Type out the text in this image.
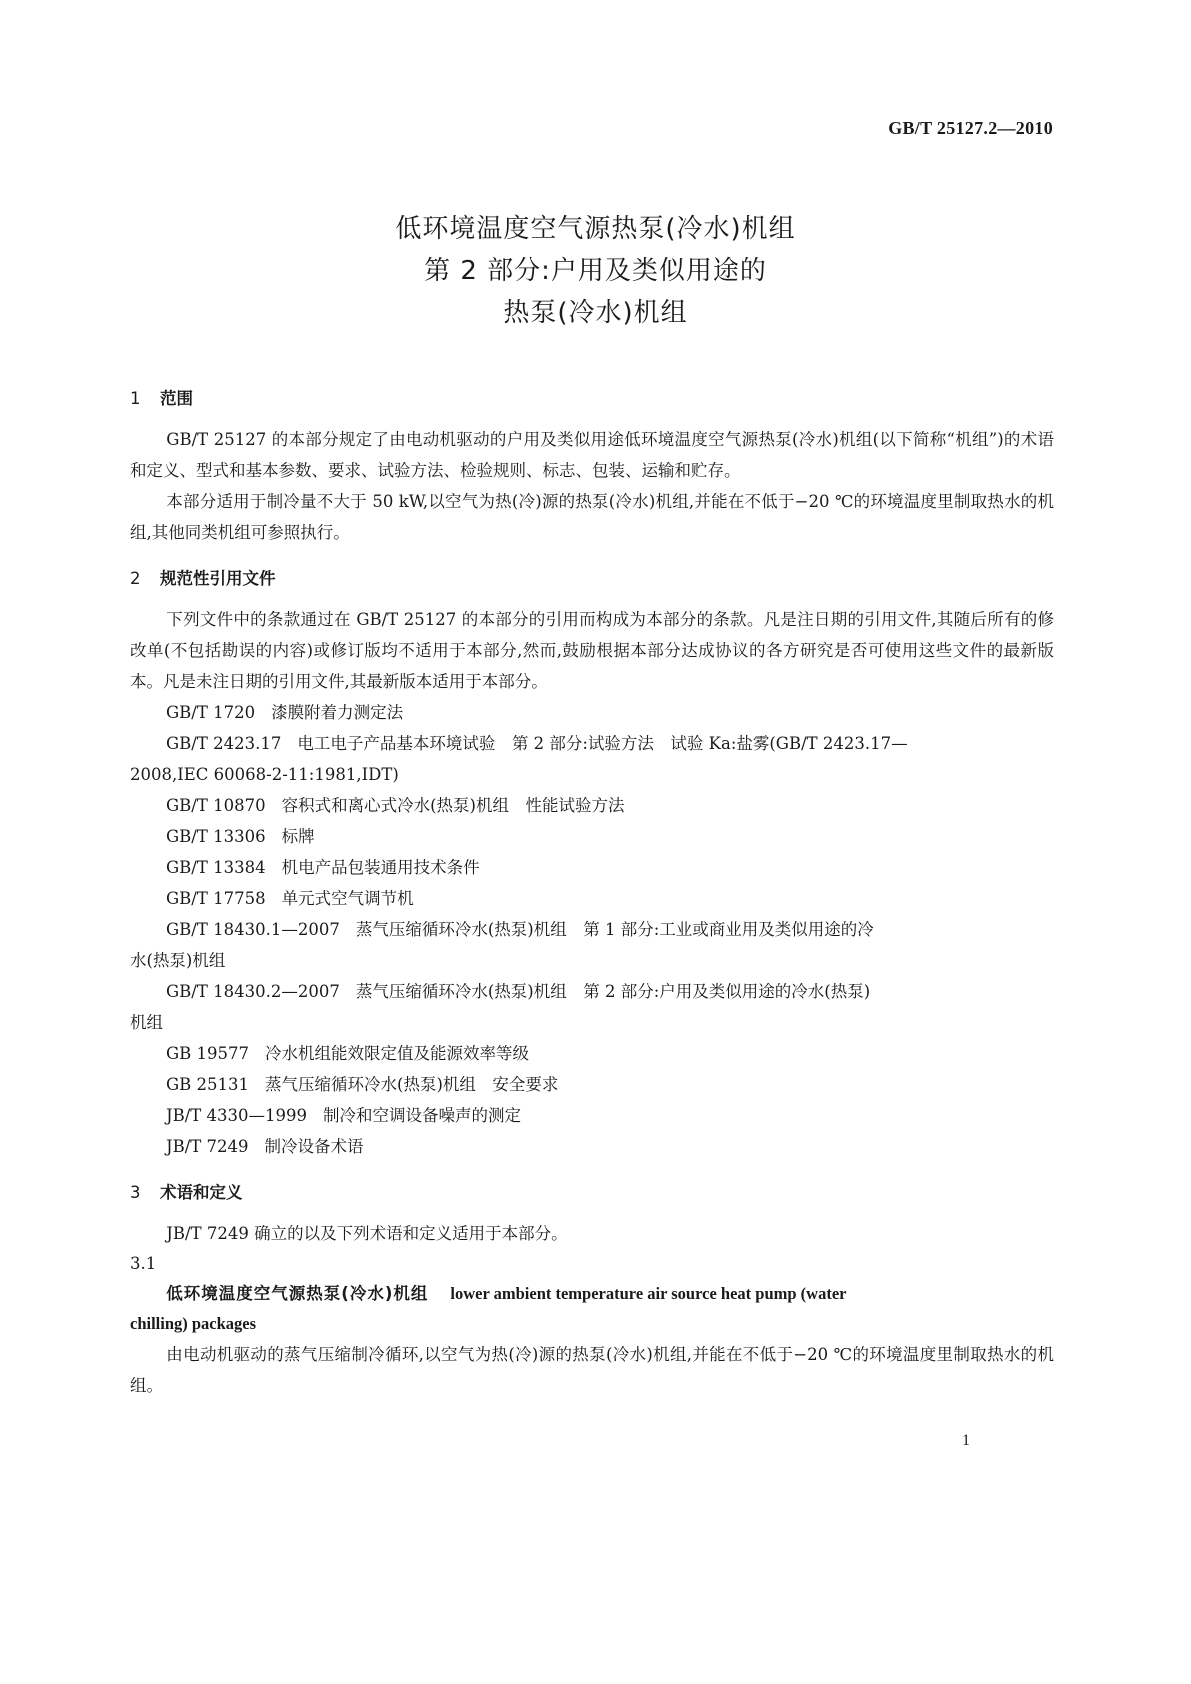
GB/T 25127.2—2010
低环境温度空气源热泵(冷水)机组
第 2 部分:户用及类似用途的
热泵(冷水)机组
1 范围

GB/T 25127 的本部分规定了由电动机驱动的户用及类似用途低环境温度空气源热泵(冷水)机组(以下简称“机组”)的术语和定义、型式和基本参数、要求、试验方法、检验规则、标志、包装、运输和贮存。

本部分适用于制冷量不大于 50 kW,以空气为热(冷)源的热泵(冷水)机组,并能在不低于−20 ℃的环境温度里制取热水的机组,其他同类机组可参照执行。

2 规范性引用文件

下列文件中的条款通过在 GB/T 25127 的本部分的引用而构成为本部分的条款。凡是注日期的引用文件,其随后所有的修改单(不包括勘误的内容)或修订版均不适用于本部分,然而,鼓励根据本部分达成协议的各方研究是否可使用这些文件的最新版本。凡是未注日期的引用文件,其最新版本适用于本部分。

GB/T 1720 漆膜附着力测定法
GB/T 2423.17 电工电子产品基本环境试验　第 2 部分:试验方法　试验 Ka:盐雾(GB/T 2423.17—
2008,IEC 60068-2-11:1981,IDT)
GB/T 10870 容积式和离心式冷水(热泵)机组　性能试验方法
GB/T 13306 标牌
GB/T 13384 机电产品包装通用技术条件
GB/T 17758 单元式空气调节机
GB/T 18430.1—2007 蒸气压缩循环冷水(热泵)机组　第 1 部分:工业或商业用及类似用途的冷
水(热泵)机组
GB/T 18430.2—2007 蒸气压缩循环冷水(热泵)机组　第 2 部分:户用及类似用途的冷水(热泵)
机组
GB 19577 冷水机组能效限定值及能源效率等级
GB 25131 蒸气压缩循环冷水(热泵)机组　安全要求
JB/T 4330—1999 制冷和空调设备噪声的测定
JB/T 7249 制冷设备术语
3 术语和定义

JB/T 7249 确立的以及下列术语和定义适用于本部分。

3.1
低环境温度空气源热泵(冷水)机组 lower ambient temperature air source heat pump (water
chilling) packages

由电动机驱动的蒸气压缩制冷循环,以空气为热(冷)源的热泵(冷水)机组,并能在不低于−20 ℃的环境温度里制取热水的机组。

1
